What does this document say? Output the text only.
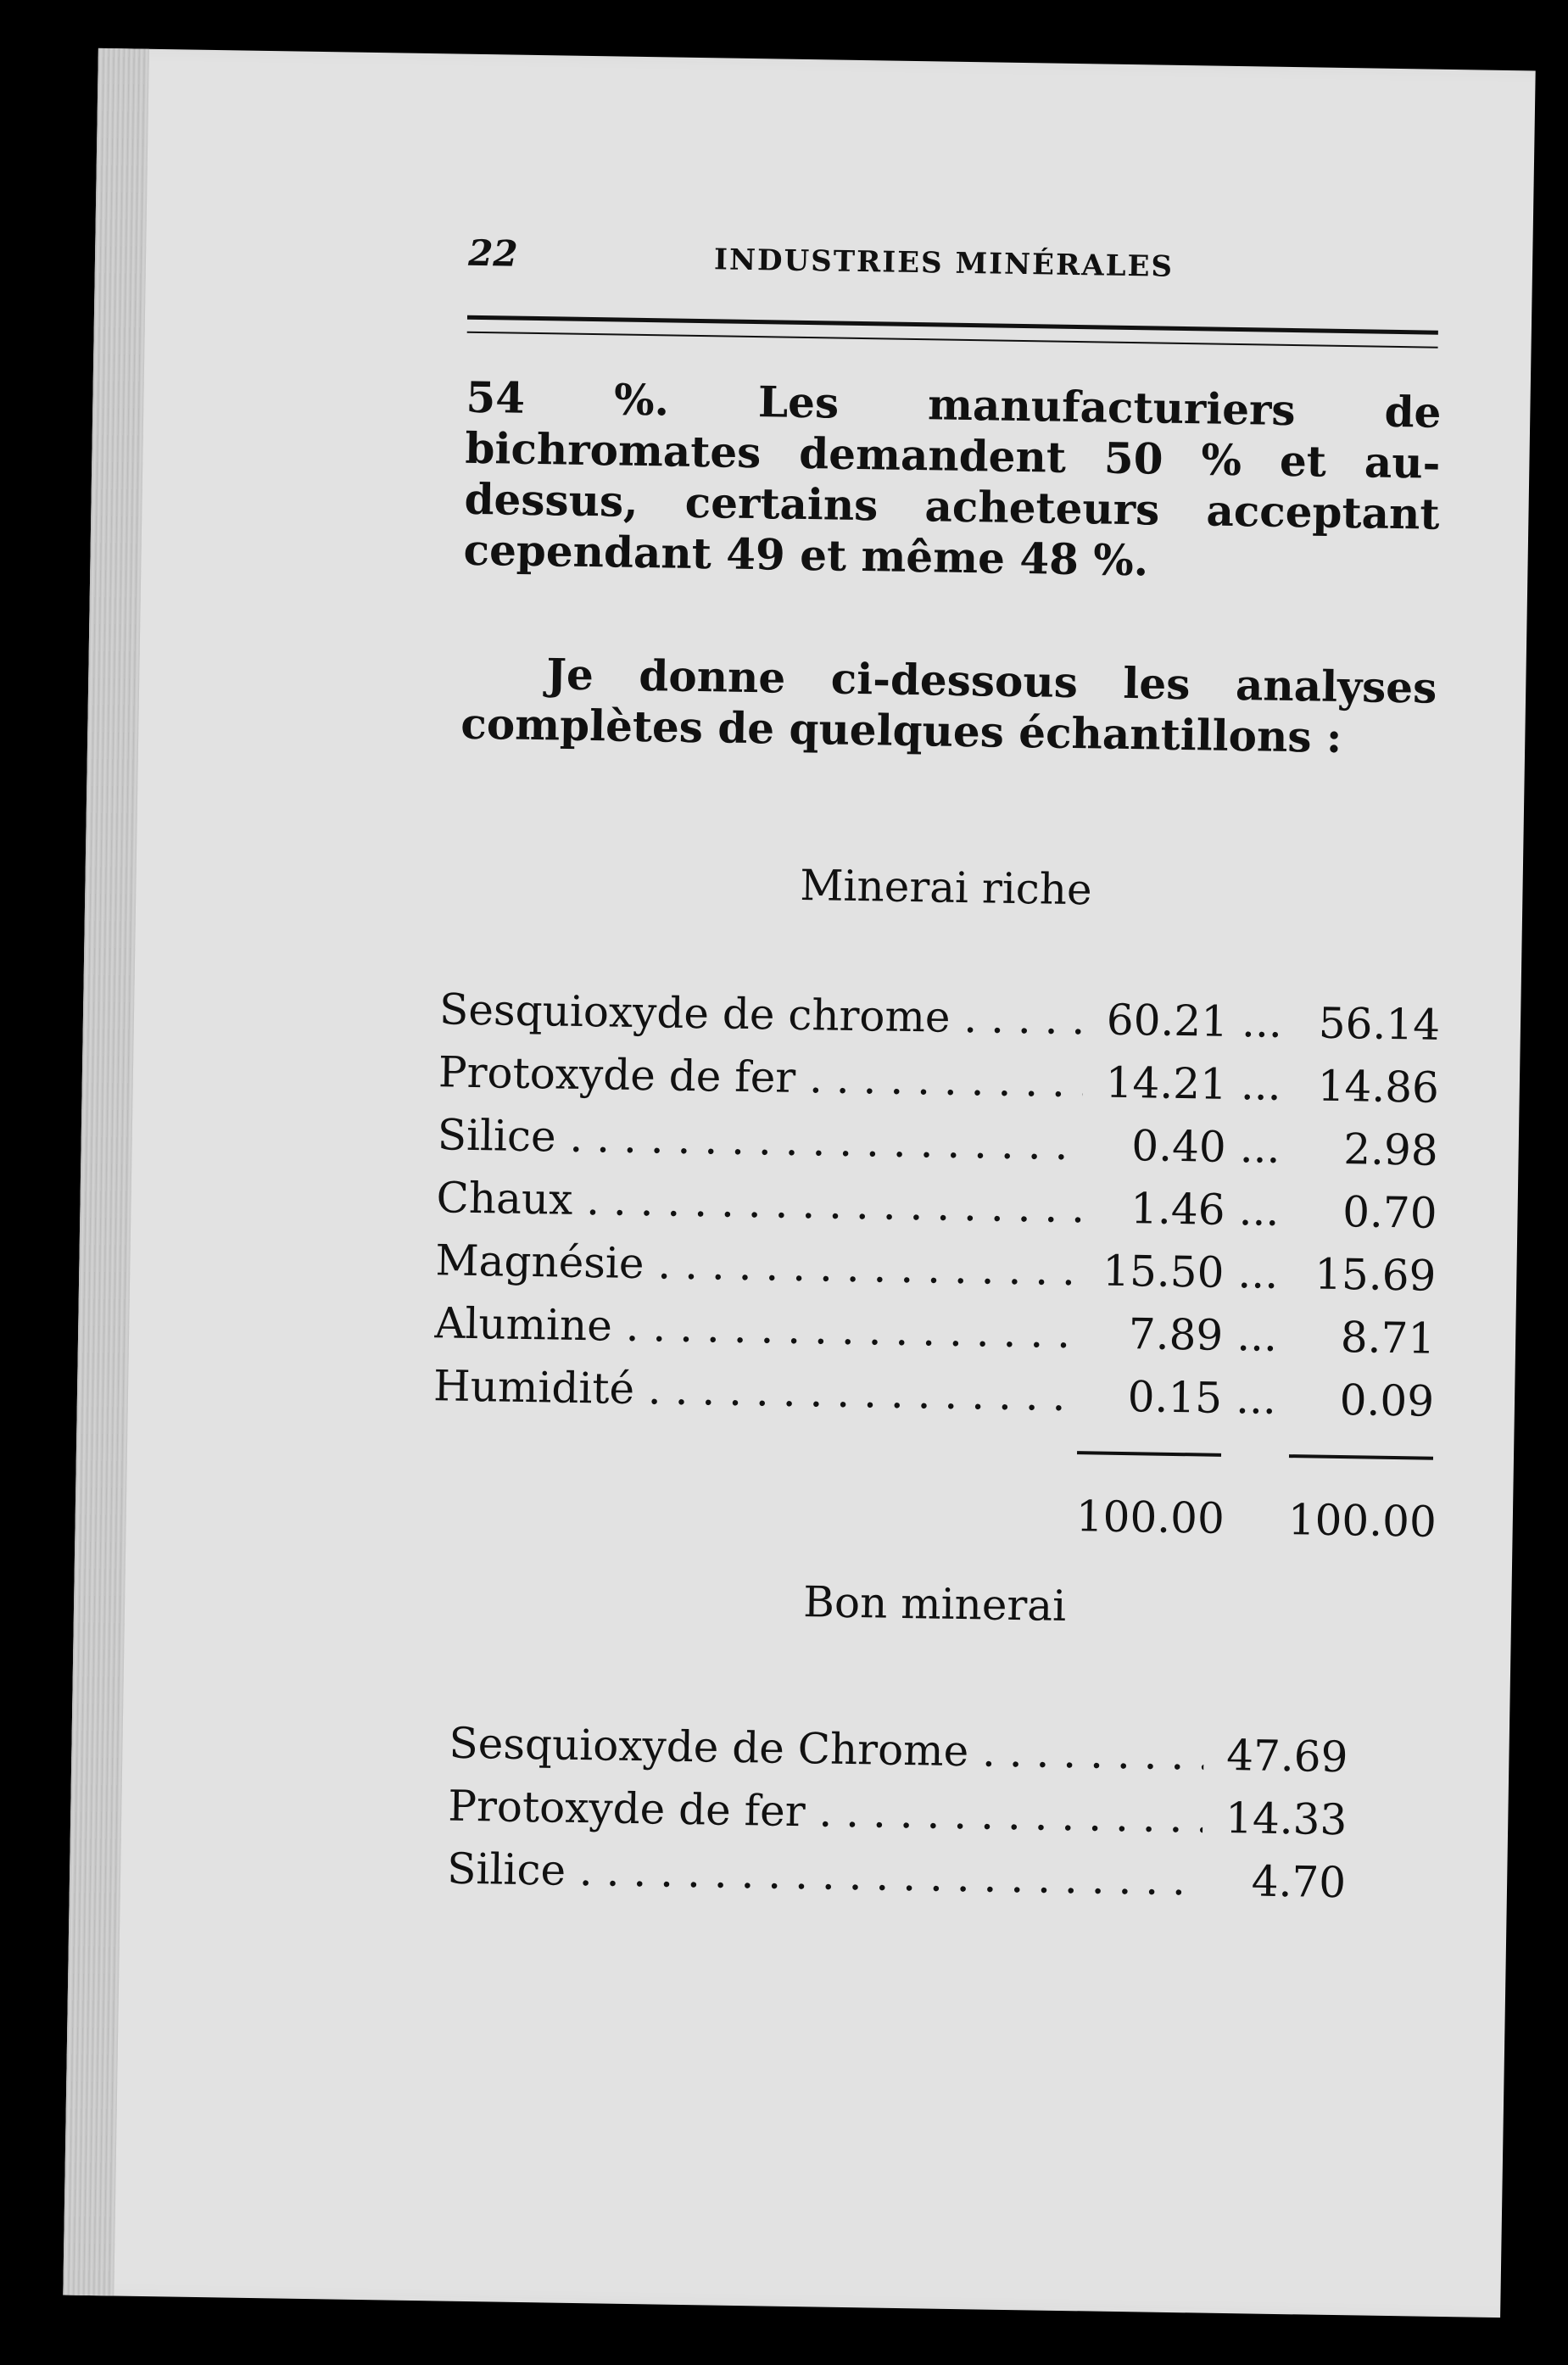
22	INDUSTRIES MINÉRALES
54 %. Les manufacturiers de bichromates demandent 50 % et au-dessus, certains acheteurs acceptant cependant 49 et même 48 %.
Je donne ci-dessous les analyses complètes de quelques échantillons :
Minerai riche
Sesquioxyde de chrome . . .	60.21 ... 56.14
Protoxyde de fer . . .	14.21 ... 14.86
Silice . . .	0.40 ...	2.98
Chaux . . .	1.46 ...	0.70
Magnésie . . .	15.50 ... 15.69
Alumine . . .	7.89 ...	8.71
Humidité . . .	0.15 ...	0.09
100.00 100.00
Bon minerai
Sesquioxyde de Chrome . . .	47.69
Protoxyde de fer . . .	14.33
Silice . . .	4.70
